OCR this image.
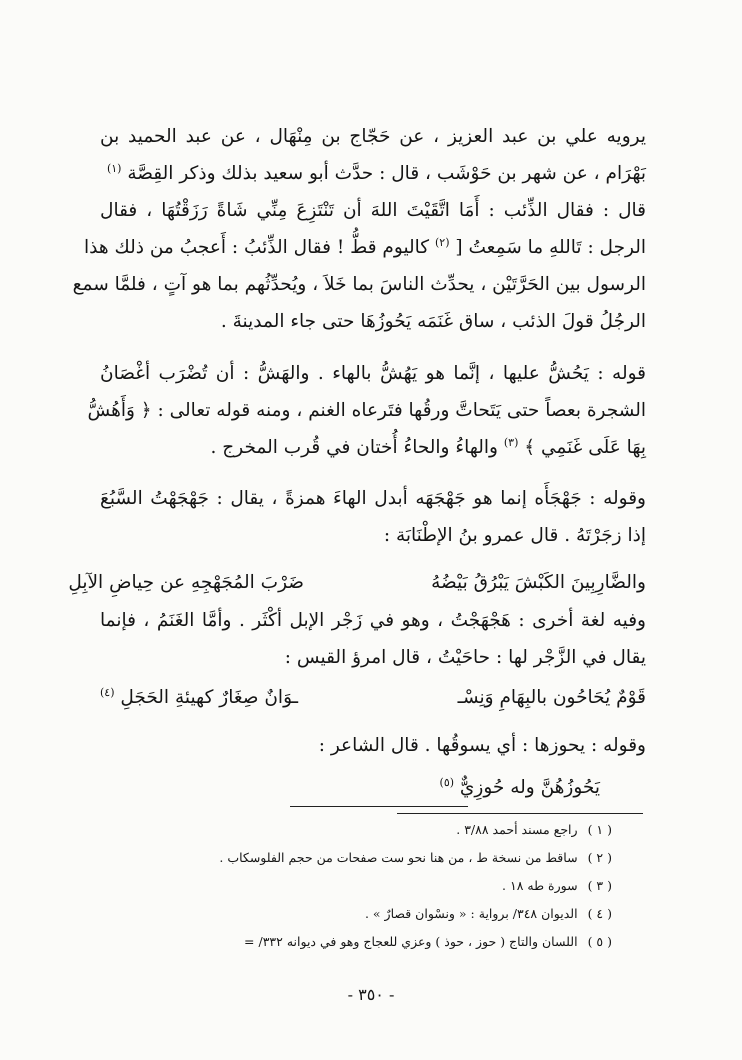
يرويه علي بن عبد العزيز ، عن حَجّاج بن مِنْهَال ، عن عبد الحميد بن
بَهْرَام ، عن شهر بن حَوْشَب ، قال : حدَّث أبو سعيد بذلك وذكر القِصَّة $^{(١)}$
قال : فقال الذِّئب : أَمَا اتَّقَيْتَ اللهَ أن تَنْتَزِعَ مِنِّي شَاةً رَزَقْتُهَا ، فقال
الرجل : تَاللهِ ما سَمِعتُ [ $^{(٢)}$ كاليوم قطُّ ! فقال الذِّئبُ : أَعجبُ من ذلك هذا
الرسول بين الحَرَّتَيْن ، يحدِّث الناسَ بما خَلاَ ، ويُحدِّثُهم بما هو آتٍ ، فلمَّا سمع
الرجُلُ قولَ الذئب ، ساق غَنَمَه يَحُوزُهَا حتى جاء المدينةَ .
قوله : يَحُشُّ عليها ، إنَّما هو يَهُشُّ بالهاء . والهَشُّ : أن تُضْرَب أغْصَانُ
الشجرة بعصاً حتى يَتَحاتَّ ورقُها فتَرعاه الغنم ، ومنه قوله تعالى : ﴿ وَأَهُشُّ
بِهَا عَلَى غَنَمِي ﴾ $^{(٣)}$ والهاءُ والحاءُ أُختان في قُرب المخرج .
وقوله : جَهْجَأَه إنما هو جَهْجَهَه أبدل الهاءَ همزةً ، يقال : جَهْجَهْتُ السَّبُعَ
إذا زجَرْتَهُ . قال عمرو بنُ الإطْنَابَة :
والضَّارِبِينَ الكَبْشَ يَبْرُقُ بَيْضُهُ
ضَرْبَ المُجَهْجِهِ عن حِياضِ الآبِلِ
وفيه لغة أخرى : هَجْهَجْتُ ، وهو في زَجْر الإبل أكْثَر . وأمَّا الغَنَمُ ، فإنما
يقال في الزَّجْر لها : حاحَيْتُ ، قال امرؤ القيس :
قَوْمٌ يُحَاحُون بالبِهَامِ وَنِسْـ
ـوَانٌ صِغَارٌ كهيئةِ الحَجَلِ $^{(٤)}$
وقوله : يحوزها : أي يسوقُها . قال الشاعر :
يَحُوزُهُنَّ وله حُوزِيٌّ $^{(٥)}$
( ١ )راجع مسند أحمد ٣/٨٨ .
( ٢ )ساقط من نسخة ط ، من هنا نحو ست صفحات من حجم الفلوسكاب .
( ٣ )سورة طه ١٨ .
( ٤ )الديوان ٣٤٨/ برواية : « ونسْوان قصارٌ » .
( ٥ )اللسان والتاج ( حوز ، حوذ ) وعزي للعجاج وهو في ديوانه ٣٣٢/ =
- ٣٥٠ -
